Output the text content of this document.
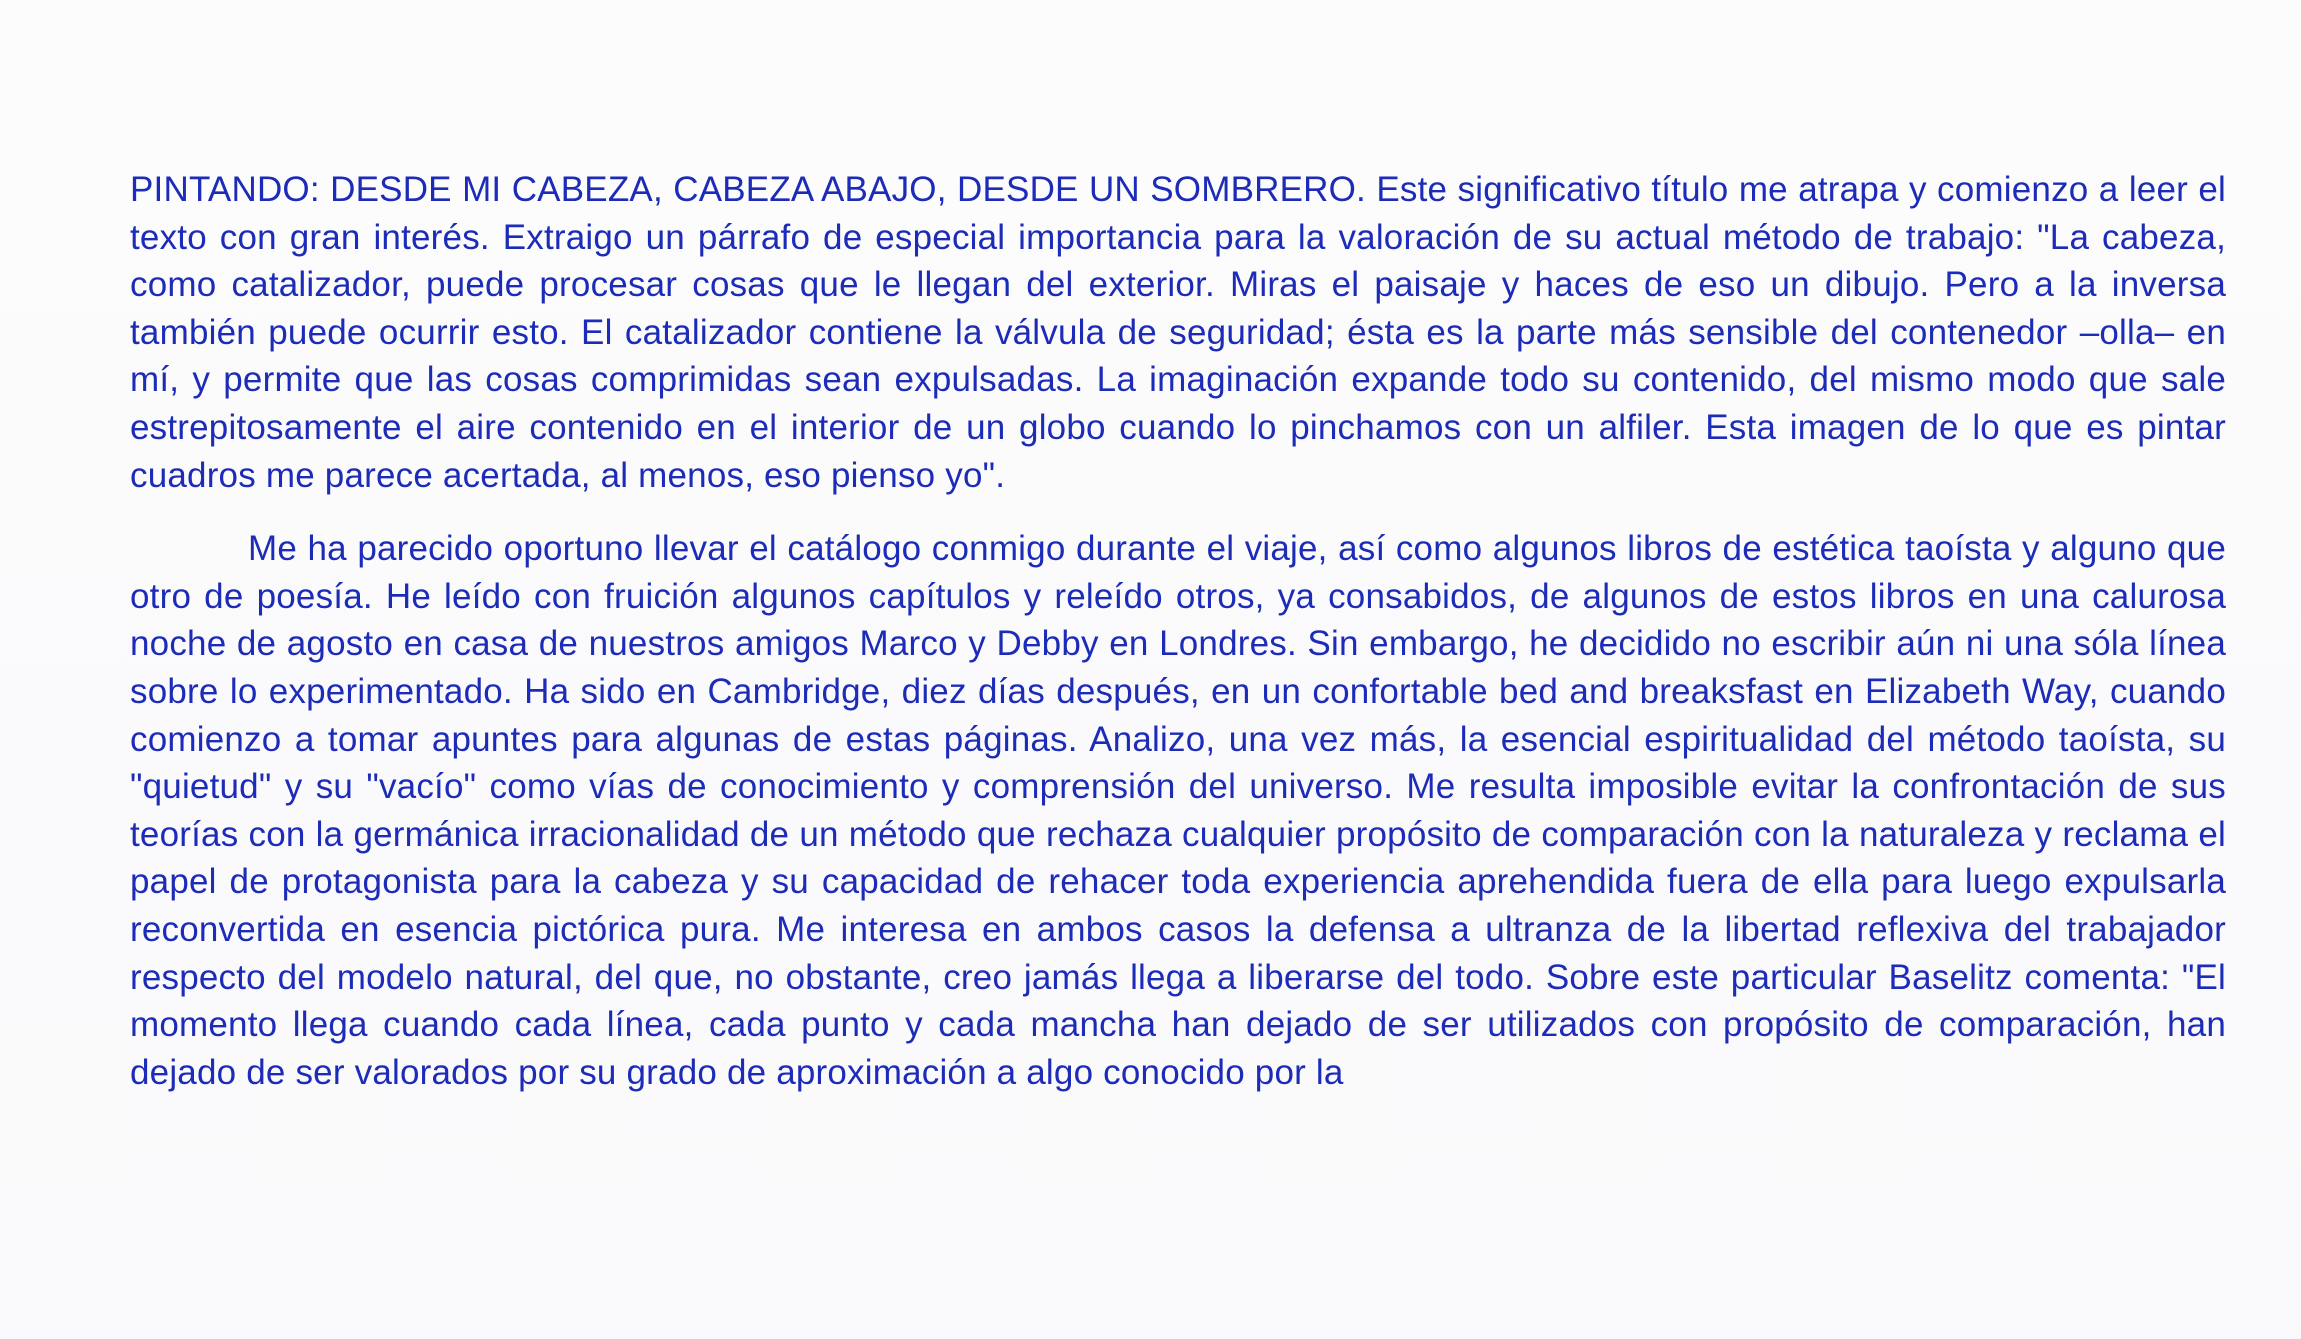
PINTANDO: DESDE MI CABEZA, CABEZA ABAJO, DESDE UN SOMBRERO. Este significativo título me atrapa y comienzo a leer el texto con gran interés. Extraigo un párrafo de especial importancia para la valoración de su actual método de trabajo: "La cabeza, como catalizador, puede procesar cosas que le llegan del exterior. Miras el paisaje y haces de eso un dibujo. Pero a la inversa también puede ocurrir esto. El catalizador contiene la válvula de seguridad; ésta es la parte más sensible del contenedor –olla– en mí, y permite que las cosas comprimidas sean expulsadas. La imaginación expande todo su contenido, del mismo modo que sale estrepitosamente el aire contenido en el interior de un globo cuando lo pinchamos con un alfiler. Esta imagen de lo que es pintar cuadros me parece acertada, al menos, eso pienso yo".

Me ha parecido oportuno llevar el catálogo conmigo durante el viaje, así como algunos libros de estética taoísta y alguno que otro de poesía. He leído con fruición algunos capítulos y releído otros, ya consabidos, de algunos de estos libros en una calurosa noche de agosto en casa de nuestros amigos Marco y Debby en Londres. Sin embargo, he decidido no escribir aún ni una sóla línea sobre lo experimentado. Ha sido en Cambridge, diez días después, en un confortable bed and breaksfast en Elizabeth Way, cuando comienzo a tomar apuntes para algunas de estas páginas. Analizo, una vez más, la esencial espiritualidad del método taoísta, su "quietud" y su "vacío" como vías de conocimiento y comprensión del universo. Me resulta imposible evitar la confrontación de sus teorías con la germánica irracionalidad de un método que rechaza cualquier propósito de comparación con la naturaleza y reclama el papel de protagonista para la cabeza y su capacidad de rehacer toda experiencia aprehendida fuera de ella para luego expulsarla reconvertida en esencia pictórica pura. Me interesa en ambos casos la defensa a ultranza de la libertad reflexiva del trabajador respecto del modelo natural, del que, no obstante, creo jamás llega a liberarse del todo. Sobre este particular Baselitz comenta: "El momento llega cuando cada línea, cada punto y cada mancha han dejado de ser utilizados con propósito de comparación, han dejado de ser valorados por su grado de aproximación a algo conocido por la
